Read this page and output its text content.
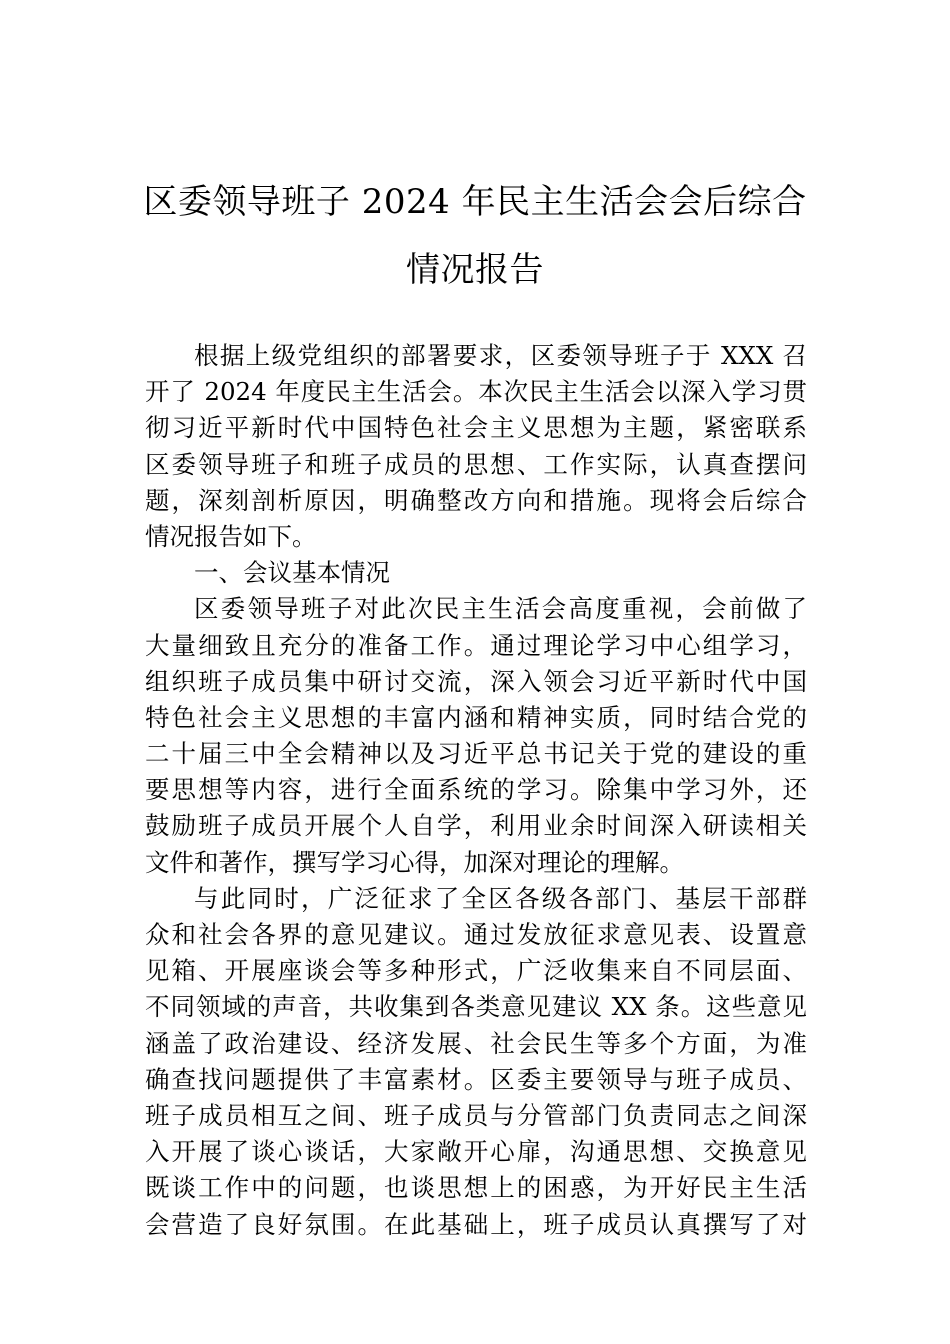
区委领导班子 2024 年民主生活会会后综合
情况报告
根据上级党组织的部署要求，区委领导班子于 XXX 召
开了 2024 年度民主生活会。本次民主生活会以深入学习贯
彻习近平新时代中国特色社会主义思想为主题，紧密联系
区委领导班子和班子成员的思想、工作实际，认真查摆问
题，深刻剖析原因，明确整改方向和措施。现将会后综合
情况报告如下。
一、会议基本情况
区委领导班子对此次民主生活会高度重视，会前做了
大量细致且充分的准备工作。通过理论学习中心组学习，
组织班子成员集中研讨交流，深入领会习近平新时代中国
特色社会主义思想的丰富内涵和精神实质，同时结合党的
二十届三中全会精神以及习近平总书记关于党的建设的重
要思想等内容，进行全面系统的学习。除集中学习外，还
鼓励班子成员开展个人自学，利用业余时间深入研读相关
文件和著作，撰写学习心得，加深对理论的理解。
与此同时，广泛征求了全区各级各部门、基层干部群
众和社会各界的意见建议。通过发放征求意见表、设置意
见箱、开展座谈会等多种形式，广泛收集来自不同层面、
不同领域的声音，共收集到各类意见建议 XX 条。这些意见
涵盖了政治建设、经济发展、社会民生等多个方面，为准
确查找问题提供了丰富素材。区委主要领导与班子成员、
班子成员相互之间、班子成员与分管部门负责同志之间深
入开展了谈心谈话，大家敞开心扉，沟通思想、交换意见
既谈工作中的问题，也谈思想上的困惑，为开好民主生活
会营造了良好氛围。在此基础上，班子成员认真撰写了对
